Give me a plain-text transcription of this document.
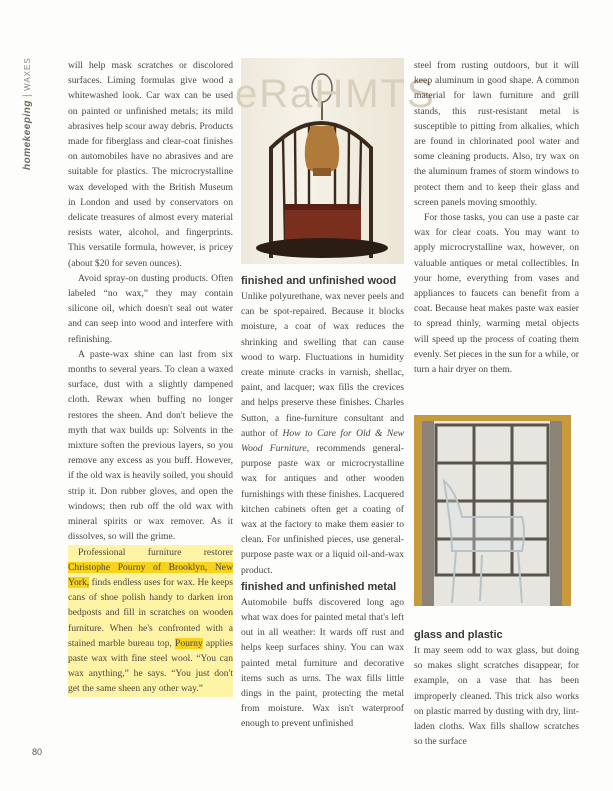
homekeeping|WAXES	will help mask scratches or discolored surfaces. Liming formulas give wood a whitewashed look. Car wax can be used on painted or unfinished metals; its mild abrasives help scour away debris. Products made for fiberglass and clear-coat finishes on automobiles have no abrasives and are suitable for plastics. The microcrystalline wax developed with the British Museum in London and used by conservators on delicate treasures of almost every material resists water, alcohol, and fingerprints. This versatile formula, however, is pricey (about $20 for seven ounces).

Avoid spray-on dusting products. Often labeled “no wax,” they may contain silicone oil, which doesn't seal out water and can seep into wood and interfere with refinishing.

A paste-wax shine can last from six months to several years. To clean a waxed surface, dust with a slightly dampened cloth. Rewax when buffing no longer restores the sheen. And don't believe the myth that wax builds up: Solvents in the mixture soften the previous layers, so you remove any excess as you buff. However, if the old wax is heavily soiled, you should strip it. Don rubber gloves, and open the windows; then rub off the old wax with mineral spirits or wax remover. As it dissolves, so will the grime.

Professional furniture restorer Christophe Pourny of Brooklyn, New York, finds endless uses for wax. He keeps cans of shoe polish handy to darken iron bedposts and fill in scratches on wooden furniture. When he's confronted with a stained marble bureau top, Pourny applies paste wax with fine steel wool. “You can wax anything,” he says. “You just don't get the same sheen any other way.”

eRaHMTS
finished and unfinished wood

Unlike polyurethane, wax never peels and can be spot-repaired. Because it blocks moisture, a coat of wax reduces the shrinking and swelling that can cause wood to warp. Fluctuations in humidity create minute cracks in varnish, shellac, paint, and lacquer; wax fills the crevices and helps preserve these finishes. Charles Sutton, a fine-furniture consultant and author of How to Care for Old & New Wood Furniture, recommends general-purpose paste wax or microcrystalline wax for antiques and other wooden furnishings with these finishes. Lacquered kitchen cabinets often get a coating of wax at the factory to make them easier to clean. For unfinished pieces, use general-purpose paste wax or a liquid oil-and-wax product.

finished and unfinished metal

Automobile buffs discovered long ago what wax does for painted metal that's left out in all weather: It wards off rust and helps keep surfaces shiny. You can wax painted metal furniture and decorative items such as urns. The wax fills little dings in the paint, protecting the metal from moisture. Wax isn't waterproof enough to prevent unfinished

steel from rusting outdoors, but it will keep aluminum in good shape. A common material for lawn furniture and grill stands, this rust-resistant metal is susceptible to pitting from alkalies, which are found in chlorinated pool water and some cleaning products. Also, try wax on the aluminum frames of storm windows to protect them and to keep their glass and screen panels moving smoothly.

For those tasks, you can use a paste car wax for clear coats. You may want to apply microcrystalline wax, however, on valuable antiques or metal collectibles. In your home, everything from vases and appliances to faucets can benefit from a coat. Because heat makes paste wax easier to spread thinly, warming metal objects will speed up the process of coating them evenly. Set pieces in the sun for a while, or turn a hair dryer on them.

glass and plastic

It may seem odd to wax glass, but doing so makes slight scratches disappear, for example, on a vase that has been improperly cleaned. This trick also works on plastic marred by dusting with dry, lint-laden cloths. Wax fills shallow scratches so the surface

80
